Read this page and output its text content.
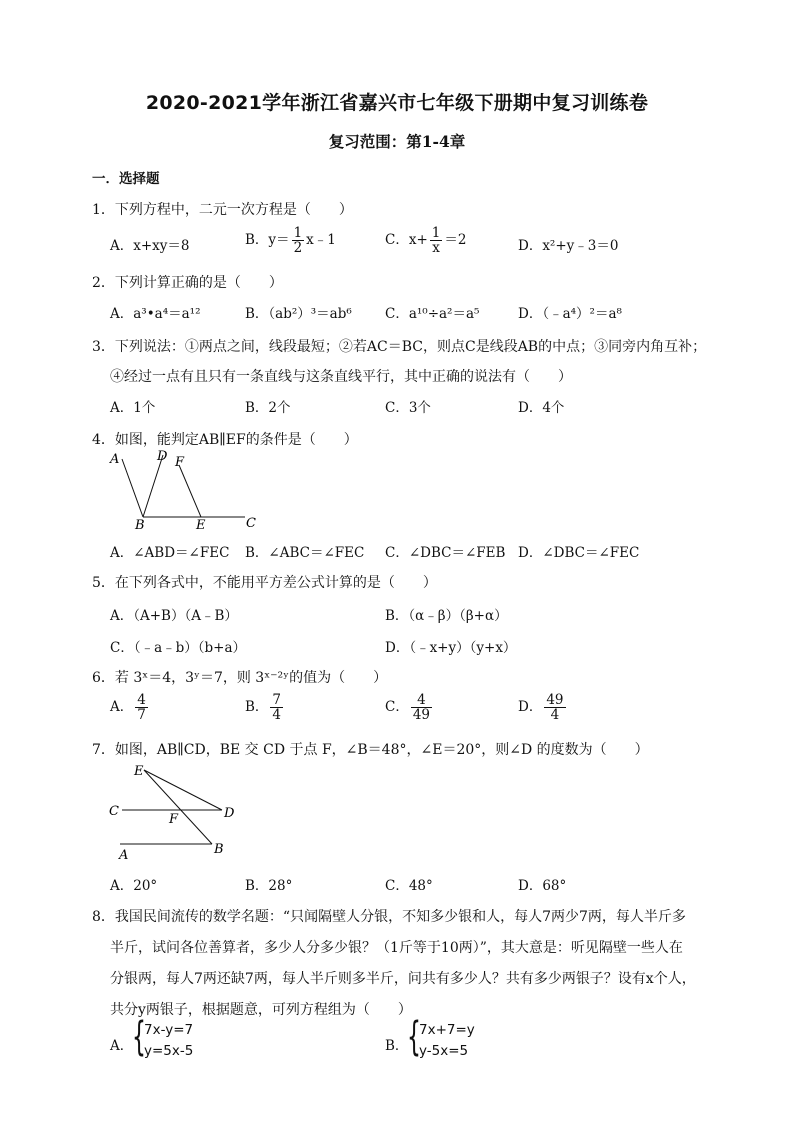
2020-2021学年浙江省嘉兴市七年级下册期中复习训练卷
复习范围：第1-4章
一．选择题
1．下列方程中，二元一次方程是（　　）
A．x+xy＝8	B．$y= \frac{1}{2}$ x﹣1	C．$x+ \frac{1}{x} =2$	D．x²+y﹣3＝0
2．下列计算正确的是（　　）
A．a³•a⁴＝a¹²	B．（ab²）³＝ab⁶ C．a¹⁰÷a²＝a⁵	D．（﹣a⁴）²＝a⁸
3．下列说法：①两点之间，线段最短；②若AC＝BC，则点C是线段AB的中点；③同旁内角互补；
④经过一点有且只有一条直线与这条直线平行，其中正确的说法有（　　）
A．1个	B．2个	C．3个	D．4个
4．如图，能判定AB∥EF的条件是（　　）
A	D F
B	E	C
A．∠ABD＝∠FEC B．∠ABC＝∠FEC C．∠DBC＝∠FEB D．∠DBC＝∠FEC
5．在下列各式中，不能用平方差公式计算的是（　　）
A．（A+B）（A﹣B）	B．（α﹣β）（β+α）
C．（﹣a﹣b）（b+a）	D．（﹣x+y）（y+x）
6．若 3ˣ＝4，3ʸ＝7，则 3ˣ⁻²ʸ的值为（　　）
A． $\frac{4}{7}$	B． $\frac{7}{4}$	C． $\frac{4}{49}$	D． $\frac{49}{4}$
7．如图，AB∥CD，BE 交 CD 于点 F，∠B＝48°，∠E＝20°，则∠D 的度数为（　　）
E
C	D
F
A	B
A．20°	B．28°	C．48°	D．68°
8．我国民间流传的数学名题：“只闻隔壁人分银，不知多少银和人，每人7两少7两，每人半斤多
半斤，试问各位善算者，多少人分多少银？（1斤等于10两）”，其大意是：听见隔壁一些人在
分银两，每人7两还缺7两，每人半斤则多半斤，问共有多少人？共有多少两银子？设有x个人，
共分y两银子，根据题意，可列方程组为（　　）
A．
{
7x-y=7
y=5x-5	B．
{
7x+7=y
y-5x=5
